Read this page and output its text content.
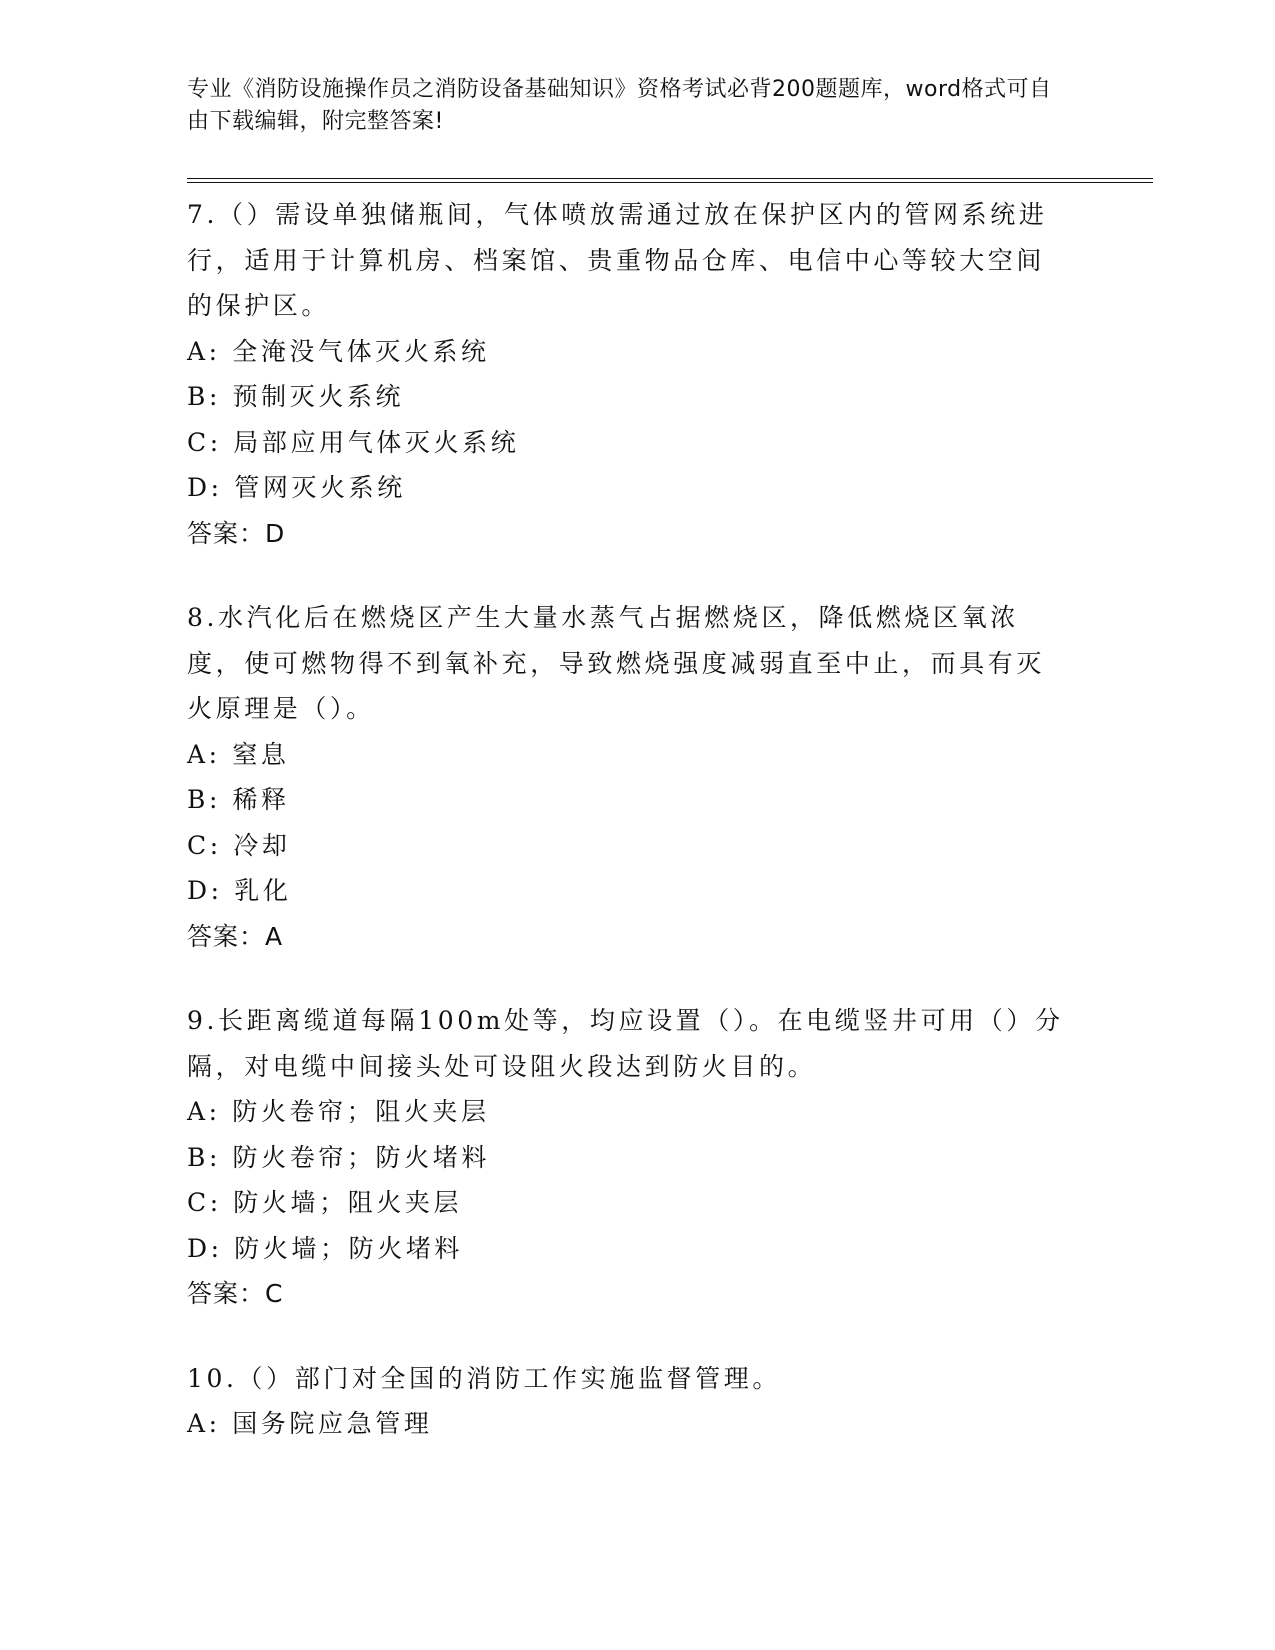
专业《消防设施操作员之消防设备基础知识》资格考试必背200题题库，word格式可自由下载编辑，附完整答案!
7.（）需设单独储瓶间，气体喷放需通过放在保护区内的管网系统进行，适用于计算机房、档案馆、贵重物品仓库、电信中心等较大空间的保护区。
A: 全淹没气体灭火系统
B: 预制灭火系统
C: 局部应用气体灭火系统
D: 管网灭火系统
答案：D
8.水汽化后在燃烧区产生大量水蒸气占据燃烧区，降低燃烧区氧浓度，使可燃物得不到氧补充，导致燃烧强度减弱直至中止，而具有灭火原理是（）。
A: 窒息
B: 稀释
C: 冷却
D: 乳化
答案：A
9.长距离缆道每隔100m处等，均应设置（）。在电缆竖井可用（）分隔，对电缆中间接头处可设阻火段达到防火目的。
A: 防火卷帘；阻火夹层
B: 防火卷帘；防火堵料
C: 防火墙；阻火夹层
D: 防火墙；防火堵料
答案：C
10.（）部门对全国的消防工作实施监督管理。
A: 国务院应急管理
